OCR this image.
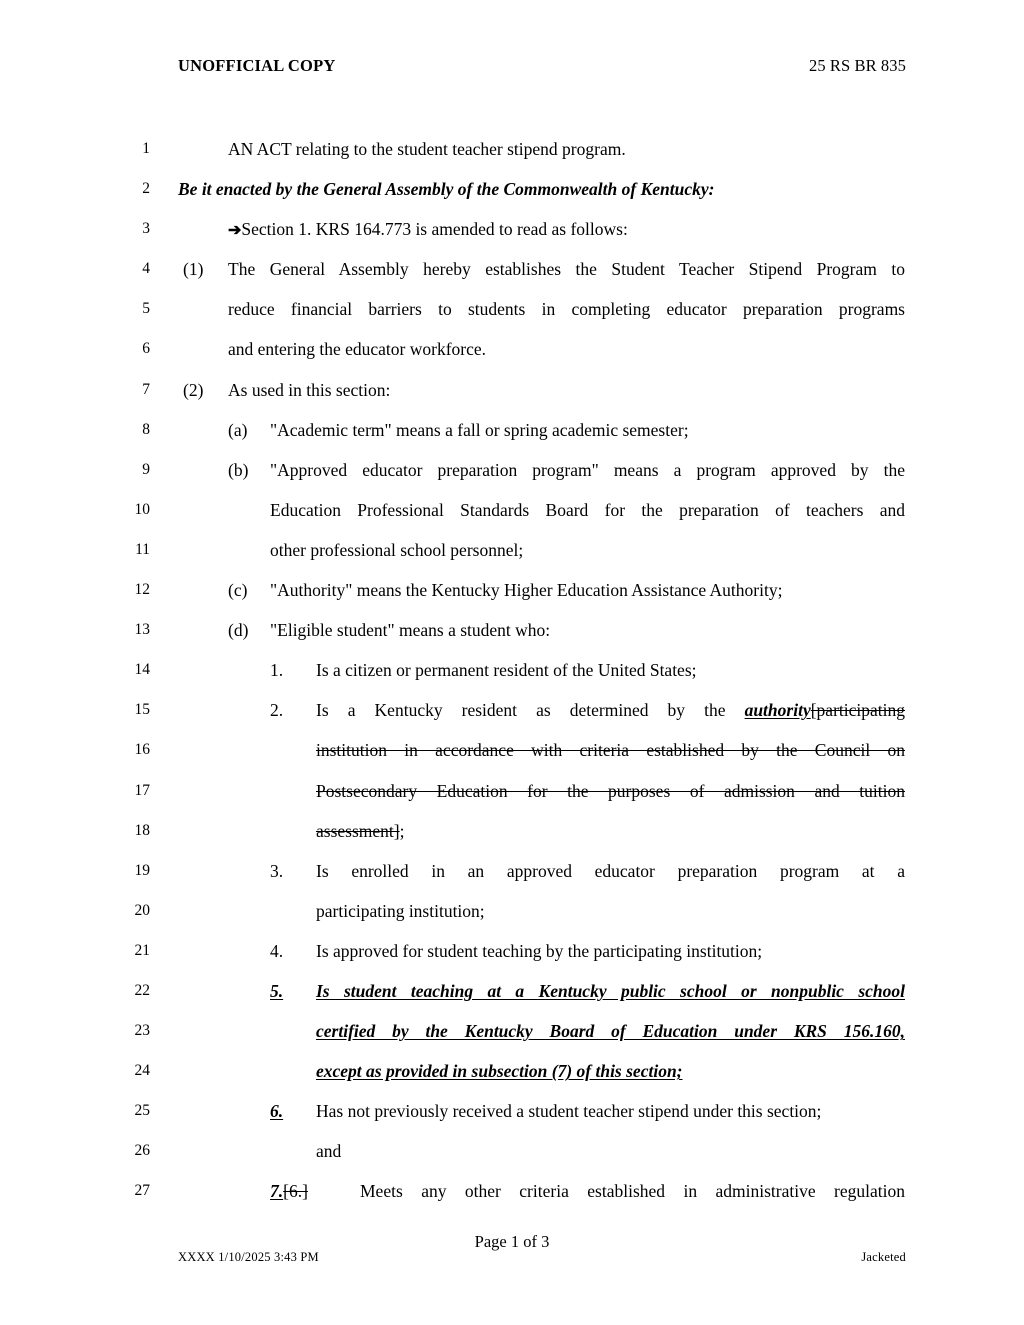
UNOFFICIAL COPY	25 RS BR 835
1	AN ACT relating to the student teacher stipend program.
2 Be it enacted by the General Assembly of the Commonwealth of Kentucky:
3	➔Section 1. KRS 164.773 is amended to read as follows:
4 (1) The General Assembly hereby establishes the Student Teacher Stipend Program to
5	reduce financial barriers to students in completing educator preparation programs
6	and entering the educator workforce.
7 (2) As used in this section:
8	(a) "Academic term" means a fall or spring academic semester;
9	(b) "Approved educator preparation program" means a program approved by the
10	Education Professional Standards Board for the preparation of teachers and
11	other professional school personnel;
12	(c) "Authority" means the Kentucky Higher Education Assistance Authority;
13	(d) "Eligible student" means a student who:
14	1. Is a citizen or permanent resident of the United States;
15	2. Is a Kentucky resident as determined by the authority[participating
16	institution in accordance with criteria established by the Council on
17	Postsecondary Education for the purposes of admission and tuition
18	assessment];
19	3. Is enrolled in an approved educator preparation program at a
20	participating institution;
21	4. Is approved for student teaching by the participating institution;
22	5. Is student teaching at a Kentucky public school or nonpublic school
23	certified by the Kentucky Board of Education under KRS 156.160,
24	except as provided in subsection (7) of this section;
25	6. Has not previously received a student teacher stipend under this section;
26	and
27	7.[6.]	Meets any other criteria established in administrative regulation
Page 1 of 3
XXXX 1/10/2025 3:43 PM	Jacketed
